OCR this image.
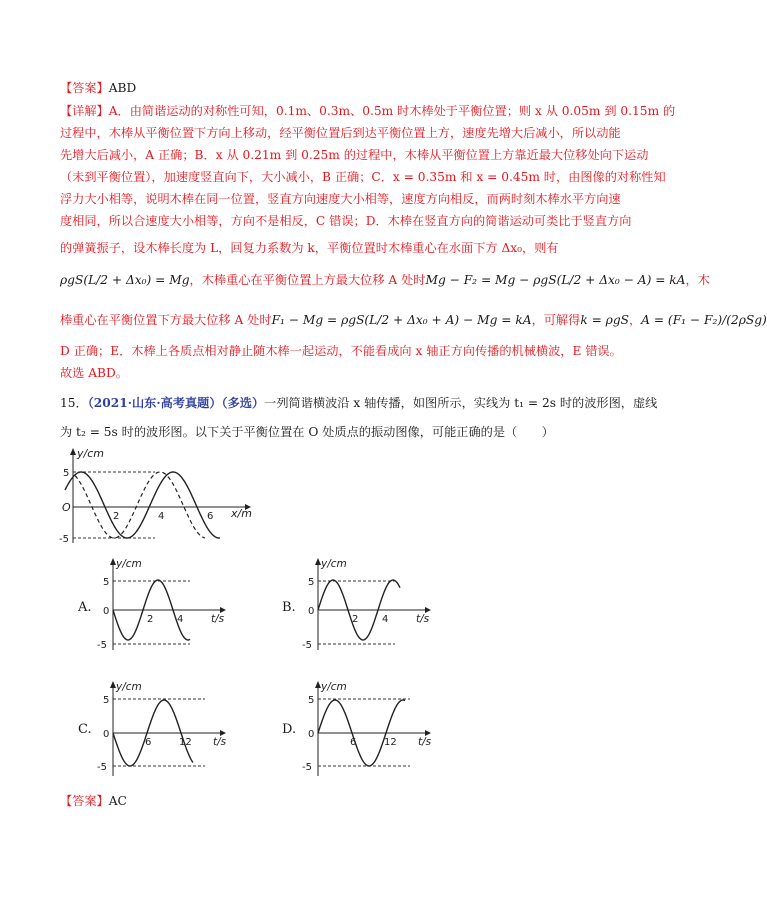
【答案】ABD
【详解】A．由简谐运动的对称性可知，0.1m、0.3m、0.5m 时木棒处于平衡位置；则 x 从 0.05m 到 0.15m 的
过程中，木棒从平衡位置下方向上移动，经平衡位置后到达平衡位置上方，速度先增大后减小，所以动能
先增大后减小，A 正确；B．x 从 0.21m 到 0.25m 的过程中，木棒从平衡位置上方靠近最大位移处向下运动
（未到平衡位置），加速度竖直向下，大小减小，B 正确；C．x = 0.35m 和 x = 0.45m 时，由图像的对称性知
浮力大小相等，说明木棒在同一位置，竖直方向速度大小相等，速度方向相反，而两时刻木棒水平方向速
度相同，所以合速度大小相等，方向不是相反，C 错误；D．木棒在竖直方向的简谐运动可类比于竖直方向
的弹簧振子，设木棒长度为 L，回复力系数为 k，平衡位置时木棒重心在水面下方 Δx₀，则有
ρgS(L/2 + Δx₀) = Mg，木棒重心在平衡位置上方最大位移 A 处时Mg − F₂ = Mg − ρgS(L/2 + Δx₀ − A) = kA，木
棒重心在平衡位置下方最大位移 A 处时F₁ − Mg = ρgS(L/2 + Δx₀ + A) − Mg = kA，可解得k = ρgS，A = (F₁ − F₂)/(2ρSg)
D 正确；E．木棒上各质点相对静止随木棒一起运动，不能看成向 x 轴正方向传播的机械横波，E 错误。
故选 ABD。
15．（2021·山东·高考真题）（多选）一列简谐横波沿 x 轴传播，如图所示，实线为 t₁ = 2s 时的波形图，虚线
为 t₂ = 5s 时的波形图。以下关于平衡位置在 O 处质点的振动图像，可能正确的是（　　）
y/cm
x/m
O
5
-5
2	4	6
A.
y/cm
t/s
5
0
-5
2 4
B.
y/cm
t/s
5
0
-5
2 4
C.
y/cm
t/s
5
0
-5
6	12
D.
y/cm
t/s
5
0
-5
6	12
【答案】AC
